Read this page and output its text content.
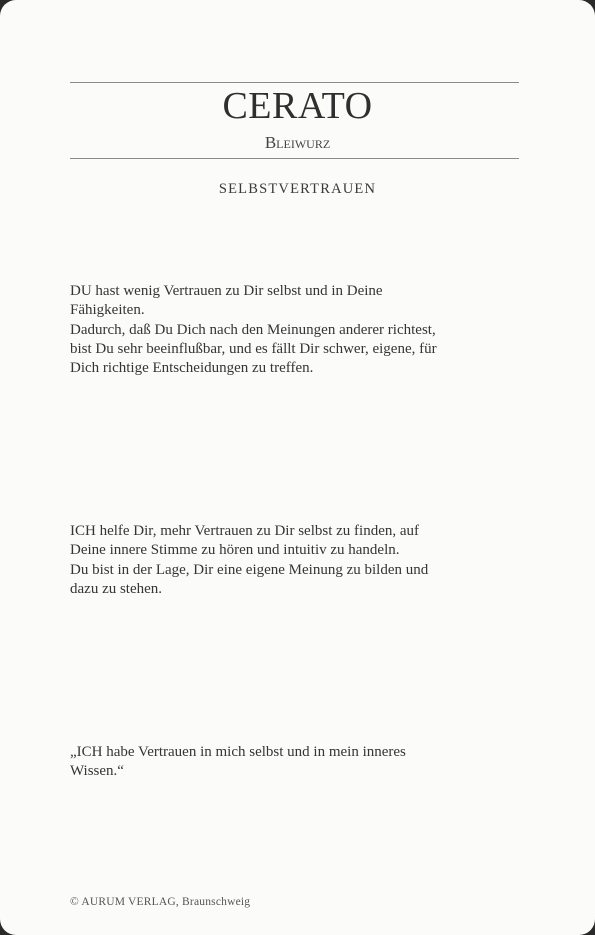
CERATO
Bleiwurz
SELBSTVERTRAUEN
DU hast wenig Vertrauen zu Dir selbst und in Deine
Fähigkeiten.
Dadurch, daß Du Dich nach den Meinungen anderer richtest,
bist Du sehr beeinflußbar, und es fällt Dir schwer, eigene, für
Dich richtige Entscheidungen zu treffen.
ICH helfe Dir, mehr Vertrauen zu Dir selbst zu finden, auf
Deine innere Stimme zu hören und intuitiv zu handeln.
Du bist in der Lage, Dir eine eigene Meinung zu bilden und
dazu zu stehen.
„ICH habe Vertrauen in mich selbst und in mein inneres
Wissen.“
© AURUM VERLAG, Braunschweig
